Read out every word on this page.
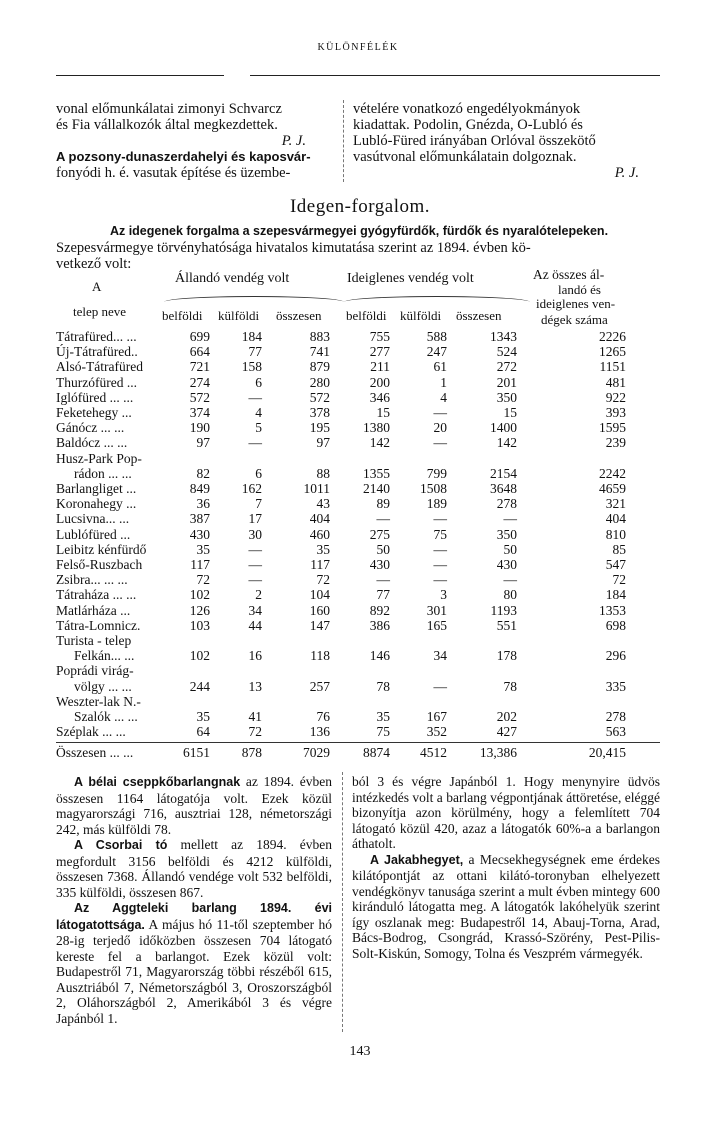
KÜLÖNFÉLÉK
vonal előmunkálatai zimonyi Schvarcz
és Fia vállalkozók által megkezdettek.
P. J.
A pozsony-dunaszerdahelyi és kaposvár-
fonyódi h. é. vasutak építése és üzembe-
vételére vonatkozó engedélyokmányok
kiadattak. Podolin, Gnézda, O-Lubló és
Lubló-Füred irányában Orlóval összekötő
vasútvonal előmunkálatain dolgoznak.
P. J.
Idegen-forgalom.
Az idegenek forgalma a szepesvármegyei gyógyfürdők, fürdők és nyaralótelepeken.
Szepesvármegye törvényhatósága hivatalos kimutatása szerint az 1894. évben kö-
vetkező volt:
A
telep neve
Állandó vendég volt	Ideiglenes vendég volt	Az összes ál-
landó és
ideiglenes ven-
dégek száma
belföldi külföldi összesen belföldi külföldi összesen
Tátrafüred... ...	699	184	883	755	588	1343	2226
Új-Tátrafüred..	664	77	741	277	247	524	1265
Alsó-Tátrafüred	721	158	879	211	61	272	1151
Thurzófüred ...	274	6	280	200	1	201	481
Iglófüred ... ...	572	—	572	346	4	350	922
Feketehegy ...	374	4	378	15	—	15	393
Gánócz ... ...	190	5	195	1380	20	1400	1595
Baldócz ... ...	97	—	97	142	—	142	239
Husz-Park Pop-
rádon ... ...	82	6	88	1355	799	2154	2242
Barlangliget ...	849	162	1011	2140	1508	3648	4659
Koronahegy ...	36	7	43	89	189	278	321
Lucsivna... ...	387	17	404	—	—	—	404
Lublófüred ...	430	30	460	275	75	350	810
Leibitz kénfürdő	35	—	35	50	—	50	85
Felső-Ruszbach	117	—	117	430	—	430	547
Zsibra... ... ...	72	—	72	—	—	—	72
Tátraháza ... ...	102	2	104	77	3	80	184
Matlárháza ...	126	34	160	892	301	1193	1353
Tátra-Lomnicz.	103	44	147	386	165	551	698
Turista - telep
Felkán... ...	102	16	118	146	34	178	296
Poprádi virág-
völgy ... ...	244	13	257	78	—	78	335
Weszter-lak N.-
Szalók ... ...	35	41	76	35	167	202	278
Széplak ... ...	64	72	136	75	352	427	563
Összesen ... ...	6151	878	7029	8874	4512	13,386	20,415

A bélai cseppkőbarlangnak az 1894. évben összesen 1164 látogatója volt. Ezek közül magyarországi 716, ausztriai 128, németországi 242, más külföldi 78.

A Csorbai tó mellett az 1894. évben megfordult 3156 belföldi és 4212 külföldi, összesen 7368. Állandó vendége volt 532 belföldi, 335 külföldi, összesen 867.

Az Aggteleki barlang 1894. évi látogatottsága. A május hó 11-től szeptember hó 28-ig terjedő időközben összesen 704 látogató kereste fel a barlangot. Ezek közül volt: Budapestről 71, Magyarország többi részéből 615, Ausztriából 7, Németországból 3, Oroszországból 2, Oláhországból 2, Amerikából 3 és végre Japánból 1.

ból 3 és végre Japánból 1. Hogy menynyire üdvös intézkedés volt a barlang végpontjának áttöretése, eléggé bizonyítja azon körülmény, hogy a felemlített 704 látogató közül 420, azaz a látogatók 60%-a a barlangon áthatolt.

A Jakabhegyet, a Mecsekhegységnek eme érdekes kilátópontját az ottani kilátó-toronyban elhelyezett vendégkönyv tanusága szerint a mult évben mintegy 600 kiránduló látogatta meg. A látogatók lakóhelyük szerint így oszlanak meg: Budapestről 14, Abauj-Torna, Arad, Bács-Bodrog, Csongrád, Krassó-Szörény, Pest-Pilis-Solt-Kiskún, Somogy, Tolna és Veszprém vármegyék.

143
